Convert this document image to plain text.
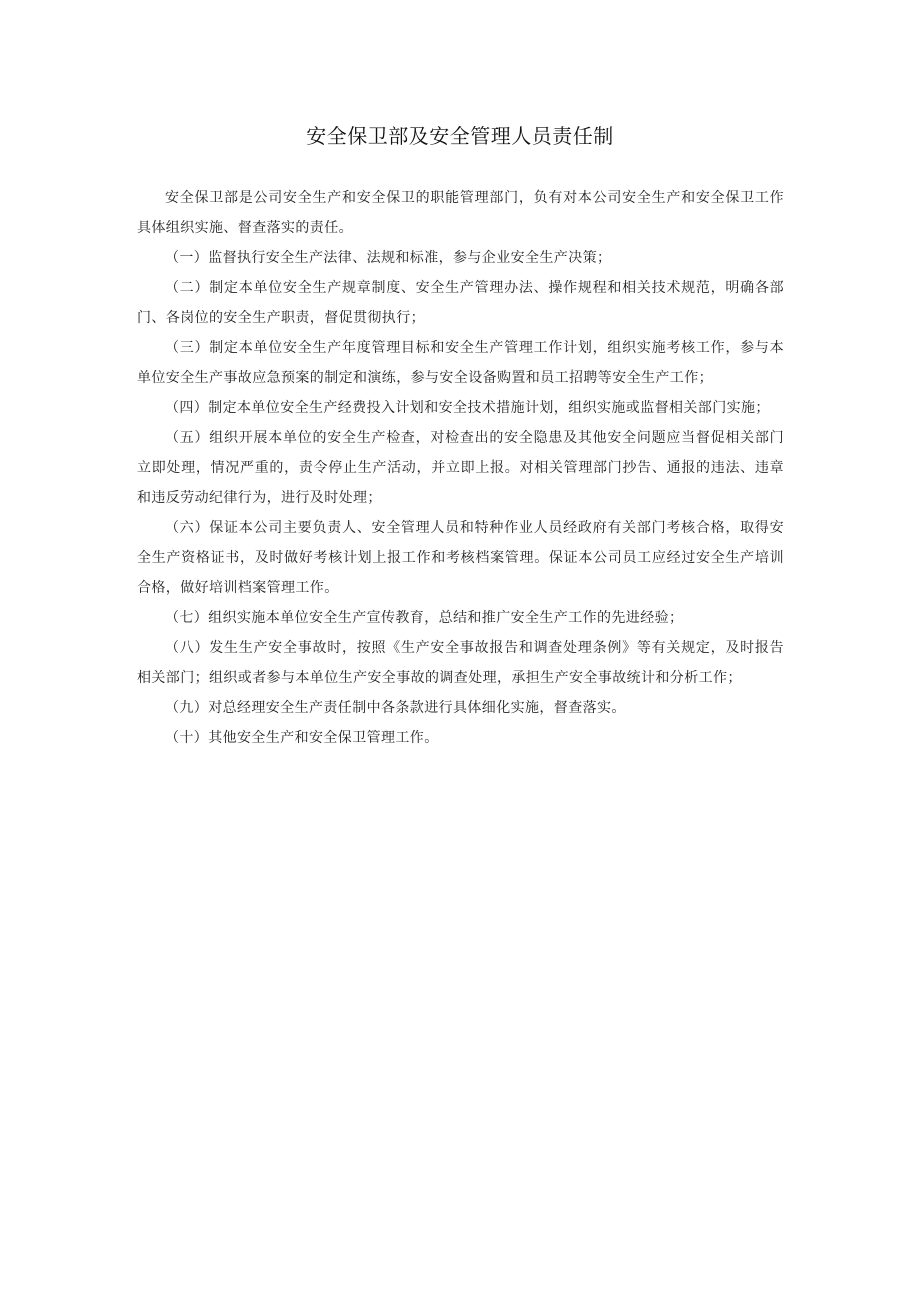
安全保卫部及安全管理人员责任制

安全保卫部是公司安全生产和安全保卫的职能管理部门，负有对本公司安全生产和安全保卫工作具体组织实施、督查落实的责任。

（一）监督执行安全生产法律、法规和标准，参与企业安全生产决策；

（二）制定本单位安全生产规章制度、安全生产管理办法、操作规程和相关技术规范，明确各部门、各岗位的安全生产职责，督促贯彻执行；

（三）制定本单位安全生产年度管理目标和安全生产管理工作计划，组织实施考核工作，参与本单位安全生产事故应急预案的制定和演练，参与安全设备购置和员工招聘等安全生产工作；

（四）制定本单位安全生产经费投入计划和安全技术措施计划，组织实施或监督相关部门实施；

（五）组织开展本单位的安全生产检查，对检查出的安全隐患及其他安全问题应当督促相关部门立即处理，情况严重的，责令停止生产活动，并立即上报。对相关管理部门抄告、通报的违法、违章和违反劳动纪律行为，进行及时处理；

（六）保证本公司主要负责人、安全管理人员和特种作业人员经政府有关部门考核合格，取得安全生产资格证书，及时做好考核计划上报工作和考核档案管理。保证本公司员工应经过安全生产培训合格，做好培训档案管理工作。

（七）组织实施本单位安全生产宣传教育，总结和推广安全生产工作的先进经验；

（八）发生生产安全事故时，按照《生产安全事故报告和调查处理条例》等有关规定，及时报告相关部门；组织或者参与本单位生产安全事故的调查处理，承担生产安全事故统计和分析工作；

（九）对总经理安全生产责任制中各条款进行具体细化实施，督查落实。

（十）其他安全生产和安全保卫管理工作。
